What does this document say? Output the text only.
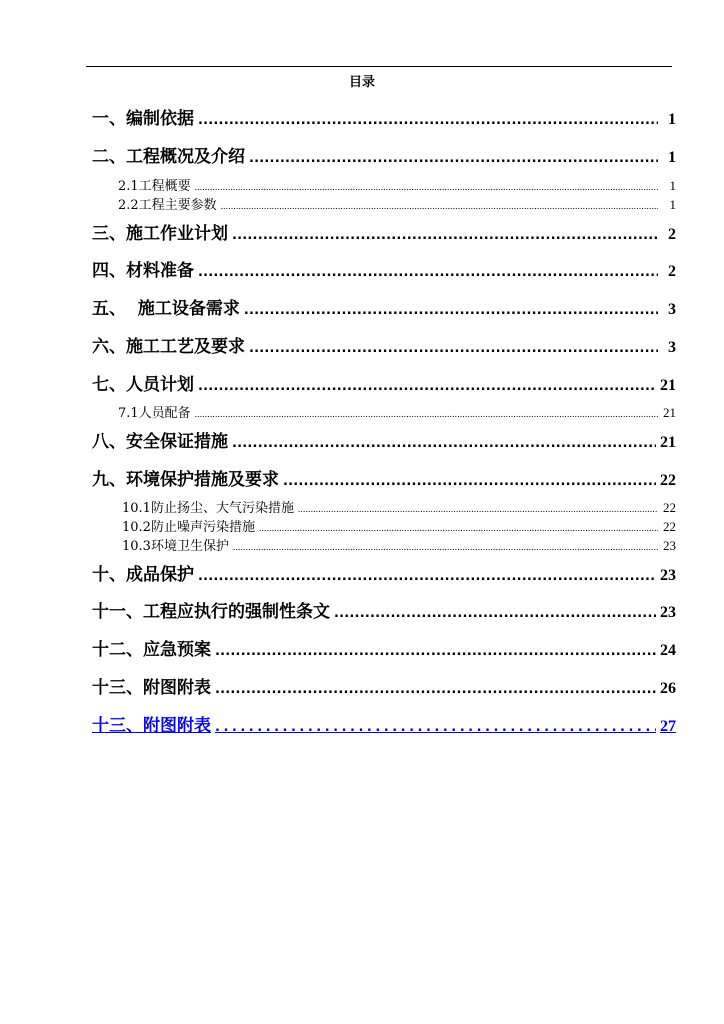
目录
一、编制依据 .....	1
二、工程概况及介绍 .....	1
2.1工程概要 .....	1
2.2工程主要参数 .....	1
三、施工作业计划 .....	2
四、材料准备 .....	2
五、  施工设备需求 .....	3
六、施工工艺及要求 .....	3
七、人员计划 .....	21
7.1人员配备 .....	21
八、安全保证措施 .....	21
九、环境保护措施及要求 .....	22
10.1防止扬尘、大气污染措施 .....	22
10.2防止噪声污染措施 .....	22
10.3环境卫生保护 .....	23
十、成品保护 .....	23
十一、工程应执行的强制性条文 .....	23
十二、应急预案 .....	24
十三、附图附表 .....	26
十三、附图附表 .....	27
